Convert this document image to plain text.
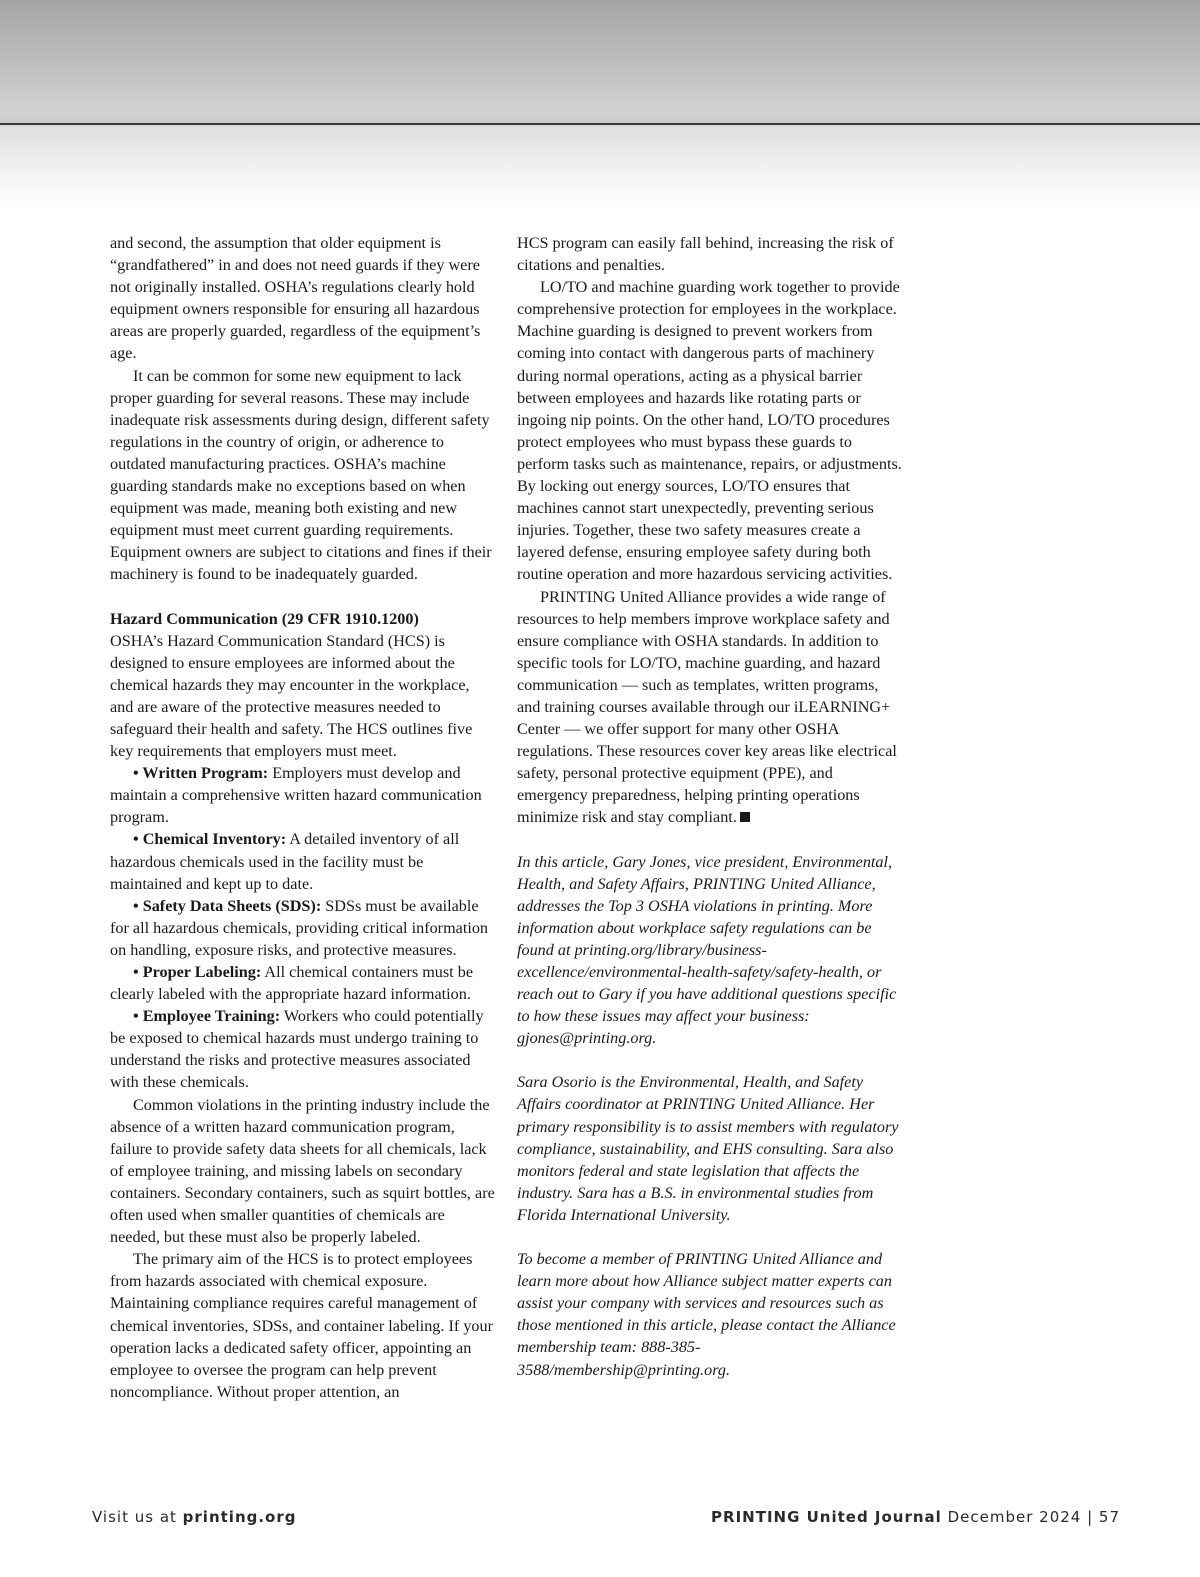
and second, the assumption that older equipment is “grandfathered” in and does not need guards if they were not originally installed. OSHA’s regulations clearly hold equipment owners responsible for ensuring all hazardous areas are properly guarded, regardless of the equipment’s age.

It can be common for some new equipment to lack proper guarding for several reasons. These may include inadequate risk assessments during design, different safety regulations in the country of origin, or adherence to outdated manufacturing practices. OSHA’s machine guarding standards make no exceptions based on when equipment was made, meaning both existing and new equipment must meet current guarding requirements. Equipment owners are subject to citations and fines if their machinery is found to be inadequately guarded.

Hazard Communication (29 CFR 1910.1200)

OSHA’s Hazard Communication Standard (HCS) is designed to ensure employees are informed about the chemical hazards they may encounter in the workplace, and are aware of the protective measures needed to safeguard their health and safety. The HCS outlines five key requirements that employers must meet.

• Written Program: Employers must develop and maintain a comprehensive written hazard communication program.

• Chemical Inventory: A detailed inventory of all hazardous chemicals used in the facility must be maintained and kept up to date.

• Safety Data Sheets (SDS): SDSs must be available for all hazardous chemicals, providing critical information on handling, exposure risks, and protective measures.

• Proper Labeling: All chemical containers must be clearly labeled with the appropriate hazard information.

• Employee Training: Workers who could potentially be exposed to chemical hazards must undergo training to understand the risks and protective measures associated with these chemicals.

Common violations in the printing industry include the absence of a written hazard communication program, failure to provide safety data sheets for all chemicals, lack of employee training, and missing labels on secondary containers. Secondary containers, such as squirt bottles, are often used when smaller quantities of chemicals are needed, but these must also be properly labeled.

The primary aim of the HCS is to protect employees from hazards associated with chemical exposure. Maintaining compliance requires careful management of chemical inventories, SDSs, and container labeling. If your operation lacks a dedicated safety officer, appointing an employee to oversee the program can help prevent noncompliance. Without proper attention, an

HCS program can easily fall behind, increasing the risk of citations and penalties.

LO/TO and machine guarding work together to provide comprehensive protection for employees in the workplace. Machine guarding is designed to prevent workers from coming into contact with dangerous parts of machinery during normal operations, acting as a physical barrier between employees and hazards like rotating parts or ingoing nip points. On the other hand, LO/TO procedures protect employees who must bypass these guards to perform tasks such as maintenance, repairs, or adjustments. By locking out energy sources, LO/TO ensures that machines cannot start unexpectedly, preventing serious injuries. Together, these two safety measures create a layered defense, ensuring employee safety during both routine operation and more hazardous servicing activities.

PRINTING United Alliance provides a wide range of resources to help members improve workplace safety and ensure compliance with OSHA standards. In addition to specific tools for LO/TO, machine guarding, and hazard communication — such as templates, written programs, and training courses available through our iLEARNING+ Center — we offer support for many other OSHA regulations. These resources cover key areas like electrical safety, personal protective equipment (PPE), and emergency preparedness, helping printing operations minimize risk and stay compliant.

In this article, Gary Jones, vice president, Environmental, Health, and Safety Affairs, PRINTING United Alliance, addresses the Top 3 OSHA violations in printing. More information about workplace safety regulations can be found at printing.org/library/business-excellence/environmental-health-safety/safety-health, or reach out to Gary if you have additional questions specific to how these issues may affect your business: gjones@printing.org.

Sara Osorio is the Environmental, Health, and Safety Affairs coordinator at PRINTING United Alliance. Her primary responsibility is to assist members with regulatory compliance, sustainability, and EHS consulting. Sara also monitors federal and state legislation that affects the industry. Sara has a B.S. in environmental studies from Florida International University.

To become a member of PRINTING United Alliance and learn more about how Alliance subject matter experts can assist your company with services and resources such as those mentioned in this article, please contact the Alliance membership team: 888-385-3588/membership@printing.org.

Visit us at printing.org	PRINTING United Journal December 2024 | 57
